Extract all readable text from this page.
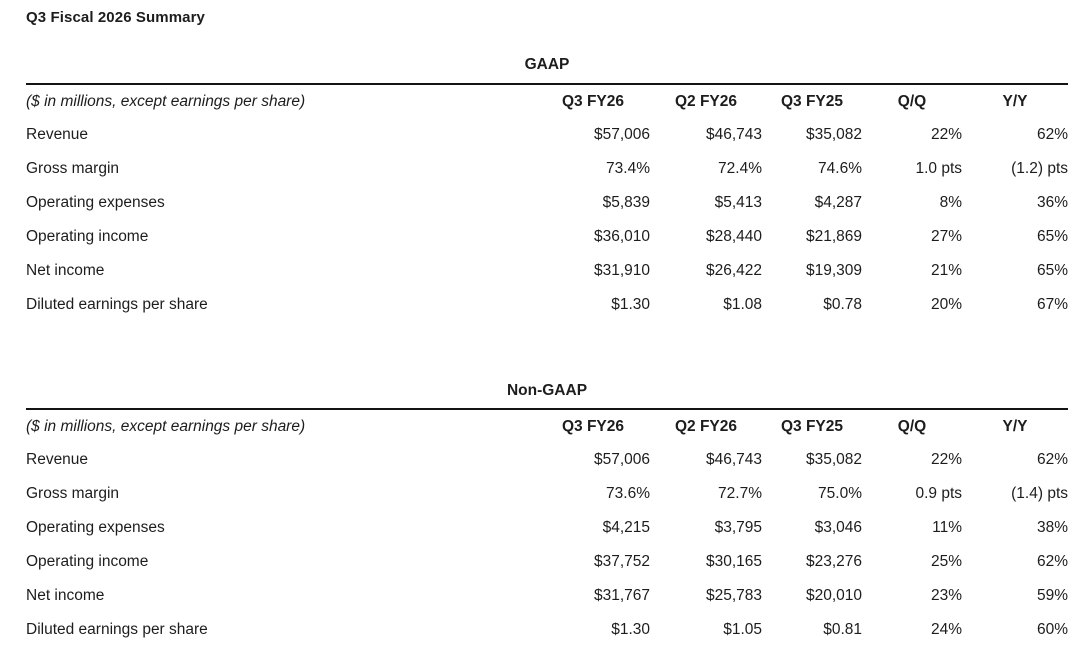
Q3 Fiscal 2026 Summary
GAAP
($ in millions, except earnings per share)	Q3 FY26	Q2 FY26	Q3 FY25	Q/Q	Y/Y
Revenue	$57,006	$46,743	$35,082	22%	62%
Gross margin	73.4%	72.4%	74.6%	1.0 pts	(1.2) pts
Operating expenses	$5,839	$5,413	$4,287	8%	36%
Operating income	$36,010	$28,440	$21,869	27%	65%
Net income	$31,910	$26,422	$19,309	21%	65%
Diluted earnings per share	$1.30	$1.08	$0.78	20%	67%
Non-GAAP
($ in millions, except earnings per share)	Q3 FY26	Q2 FY26	Q3 FY25	Q/Q	Y/Y
Revenue	$57,006	$46,743	$35,082	22%	62%
Gross margin	73.6%	72.7%	75.0%	0.9 pts	(1.4) pts
Operating expenses	$4,215	$3,795	$3,046	11%	38%
Operating income	$37,752	$30,165	$23,276	25%	62%
Net income	$31,767	$25,783	$20,010	23%	59%
Diluted earnings per share	$1.30	$1.05	$0.81	24%	60%
